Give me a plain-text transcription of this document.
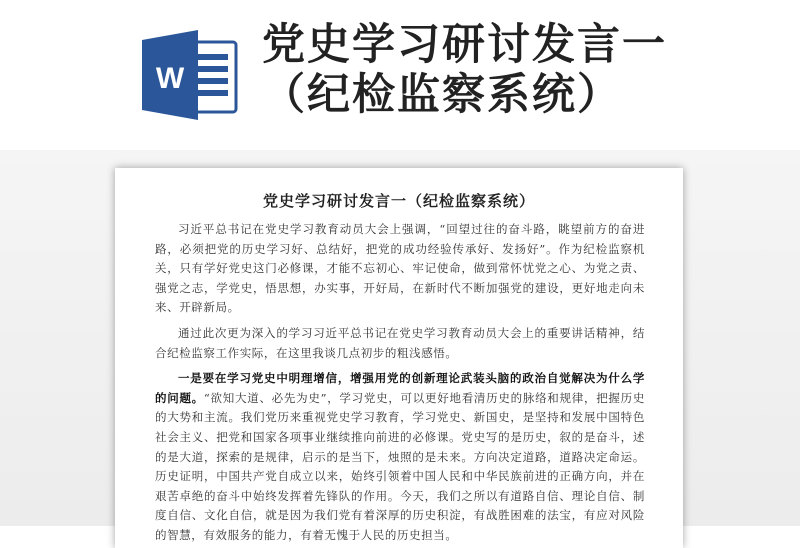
W
党史学习研讨发言一
（纪检监察系统）
党史学习研讨发言一（纪检监察系统）

习近平总书记在党史学习教育动员大会上强调，“回望过往的奋斗路，眺望前方的奋进路，必须把党的历史学习好、总结好，把党的成功经验传承好、发扬好”。作为纪检监察机关，只有学好党史这门必修课，才能不忘初心、牢记使命，做到常怀忧党之心、为党之责、强党之志，学党史，悟思想，办实事，开好局，在新时代不断加强党的建设，更好地走向未来、开辟新局。

通过此次更为深入的学习习近平总书记在党史学习教育动员大会上的重要讲话精神，结合纪检监察工作实际，在这里我谈几点初步的粗浅感悟。

一是要在学习党史中明理增信，增强用党的创新理论武装头脑的政治自觉解决为什么学的问题。“欲知大道、必先为史”，学习党史，可以更好地看清历史的脉络和规律，把握历史的大势和主流。我们党历来重视党史学习教育，学习党史、新国史，是坚持和发展中国特色社会主义、把党和国家各项事业继续推向前进的必修课。党史写的是历史，叙的是奋斗，述的是大道，探索的是规律，启示的是当下，烛照的是未来。方向决定道路，道路决定命运。历史证明，中国共产党自成立以来，始终引领着中国人民和中华民族前进的正确方向，并在艰苦卓绝的奋斗中始终发挥着先锋队的作用。今天，我们之所以有道路自信、理论自信、制度自信、文化自信，就是因为我们党有着深厚的历史积淀，有战胜困难的法宝，有应对风险的智慧，有效服务的能力，有着无愧于人民的历史担当。
